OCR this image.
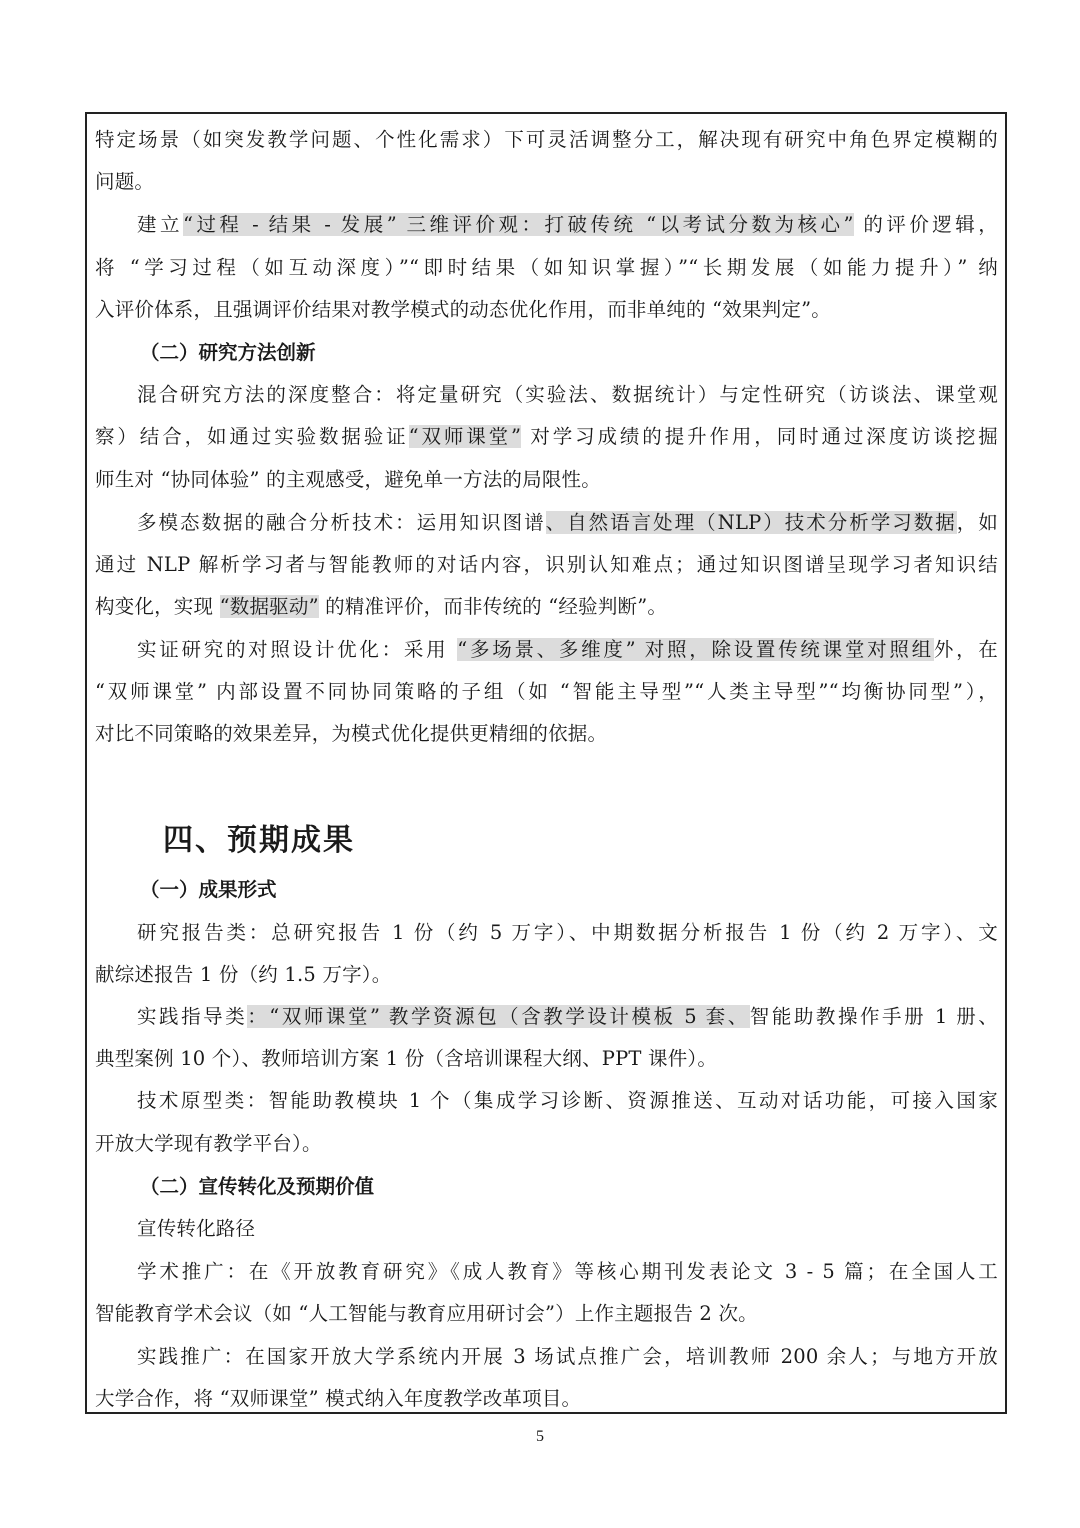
特定场景（如突发教学问题、个性化需求）下可灵活调整分工，解决现有研究中角色界定模糊的
问题。
建立“过程 - 结果 - 发展” 三维评价观：打破传统 “以考试分数为核心” 的评价逻辑，
将 “学习过程（如互动深度）”“即时结果（如知识掌握）”“长期发展（如能力提升）” 纳
入评价体系，且强调评价结果对教学模式的动态优化作用，而非单纯的 “效果判定”。
（二）研究方法创新
混合研究方法的深度整合：将定量研究（实验法、数据统计）与定性研究（访谈法、课堂观
察）结合，如通过实验数据验证“双师课堂” 对学习成绩的提升作用，同时通过深度访谈挖掘
师生对 “协同体验” 的主观感受，避免单一方法的局限性。
多模态数据的融合分析技术：运用知识图谱、自然语言处理（NLP）技术分析学习数据，如
通过 NLP 解析学习者与智能教师的对话内容，识别认知难点；通过知识图谱呈现学习者知识结
构变化，实现 “数据驱动” 的精准评价，而非传统的 “经验判断”。
实证研究的对照设计优化：采用 “多场景、多维度” 对照，除设置传统课堂对照组外，在
“双师课堂” 内部设置不同协同策略的子组（如 “智能主导型”“人类主导型”“均衡协同型”），
对比不同策略的效果差异，为模式优化提供更精细的依据。
四、预期成果
（一）成果形式
研究报告类：总研究报告 1 份（约 5 万字）、中期数据分析报告 1 份（约 2 万字）、文
献综述报告 1 份（约 1.5 万字）。
实践指导类：“双师课堂” 教学资源包（含教学设计模板 5 套、智能助教操作手册 1 册、
典型案例 10 个）、教师培训方案 1 份（含培训课程大纲、PPT 课件）。
技术原型类：智能助教模块 1 个（集成学习诊断、资源推送、互动对话功能，可接入国家
开放大学现有教学平台）。
（二）宣传转化及预期价值
宣传转化路径
学术推广：在《开放教育研究》《成人教育》等核心期刊发表论文 3 - 5 篇；在全国人工
智能教育学术会议（如 “人工智能与教育应用研讨会”）上作主题报告 2 次。
实践推广：在国家开放大学系统内开展 3 场试点推广会，培训教师 200 余人；与地方开放
大学合作，将 “双师课堂” 模式纳入年度教学改革项目。
5
